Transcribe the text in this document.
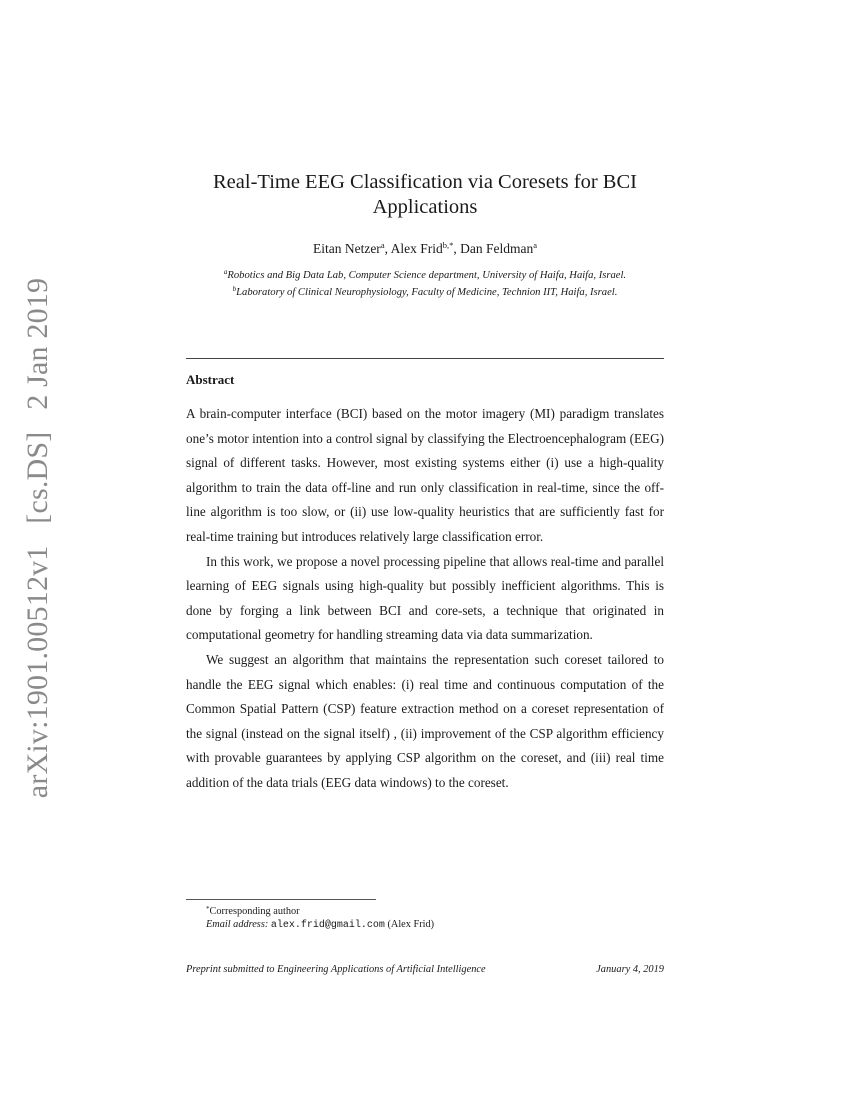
arXiv:1901.00512v1 [cs.DS] 2 Jan 2019
Real-Time EEG Classification via Coresets for BCI Applications
Eitan Netzer$^a$, Alex Frid$^{b,*}$, Dan Feldman$^a$
$^a$Robotics and Big Data Lab, Computer Science department, University of Haifa, Haifa, Israel.
$^b$Laboratory of Clinical Neurophysiology, Faculty of Medicine, Technion IIT, Haifa, Israel.
Abstract

A brain-computer interface (BCI) based on the motor imagery (MI) paradigm translates one’s motor intention into a control signal by classifying the Electroencephalogram (EEG) signal of different tasks. However, most existing systems either (i) use a high-quality algorithm to train the data off-line and run only classification in real-time, since the off-line algorithm is too slow, or (ii) use low-quality heuristics that are sufficiently fast for real-time training but introduces relatively large classification error.

In this work, we propose a novel processing pipeline that allows real-time and parallel learning of EEG signals using high-quality but possibly inefficient algorithms. This is done by forging a link between BCI and core-sets, a technique that originated in computational geometry for handling streaming data via data summarization.

We suggest an algorithm that maintains the representation such coreset tailored to handle the EEG signal which enables: (i) real time and continuous computation of the Common Spatial Pattern (CSP) feature extraction method on a coreset representation of the signal (instead on the signal itself) , (ii) improvement of the CSP algorithm efficiency with provable guarantees by applying CSP algorithm on the coreset, and (iii) real time addition of the data trials (EEG data windows) to the coreset.

*Corresponding author
Email address: alex.frid@gmail.com (Alex Frid)
Preprint submitted to Engineering Applications of Artificial Intelligence	January 4, 2019
